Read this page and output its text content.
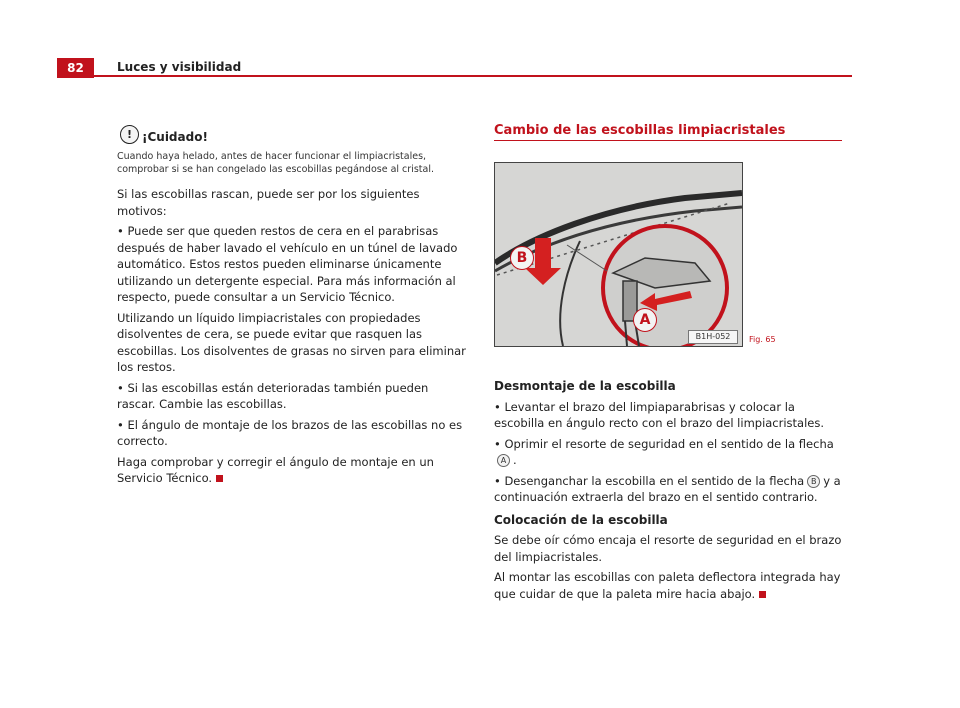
82	Luces y visibilidad
! ¡Cuidado!
Cuando haya helado, antes de hacer funcionar el limpiacristales, comprobar si se han congelado las escobillas pegándose al cristal.

Si las escobillas rascan, puede ser por los siguientes motivos:

• Puede ser que queden restos de cera en el parabrisas después de haber lavado el vehículo en un túnel de lavado automático. Estos restos pueden eliminarse únicamente utilizando un detergente especial. Para más información al respecto, puede consultar a un Servicio Técnico.

Utilizando un líquido limpiacristales con propiedades disolventes de cera, se puede evitar que rasquen las escobillas. Los disolventes de grasas no sirven para eliminar los restos.

• Si las escobillas están deterioradas también pueden rascar. Cambie las escobillas.

• El ángulo de montaje de los brazos de las escobillas no es correcto.

Haga comprobar y corregir el ángulo de montaje en un Servicio Técnico.

Cambio de las escobillas limpiacristales
B
A
B1H-052	Fig. 65
Desmontaje de la escobilla

• Levantar el brazo del limpiaparabrisas y colocar la escobilla en ángulo recto con el brazo del limpiacristales.

• Oprimir el resorte de seguridad en el sentido de la flechaA .

• Desenganchar la escobilla en el sentido de la flecha B y a continuación extraerla del brazo en el sentido contrario.

Colocación de la escobilla

Se debe oír cómo encaja el resorte de seguridad en el brazo del limpiacristales.

Al montar las escobillas con paleta deflectora integrada hay que cuidar de que la paleta mire hacia abajo.
